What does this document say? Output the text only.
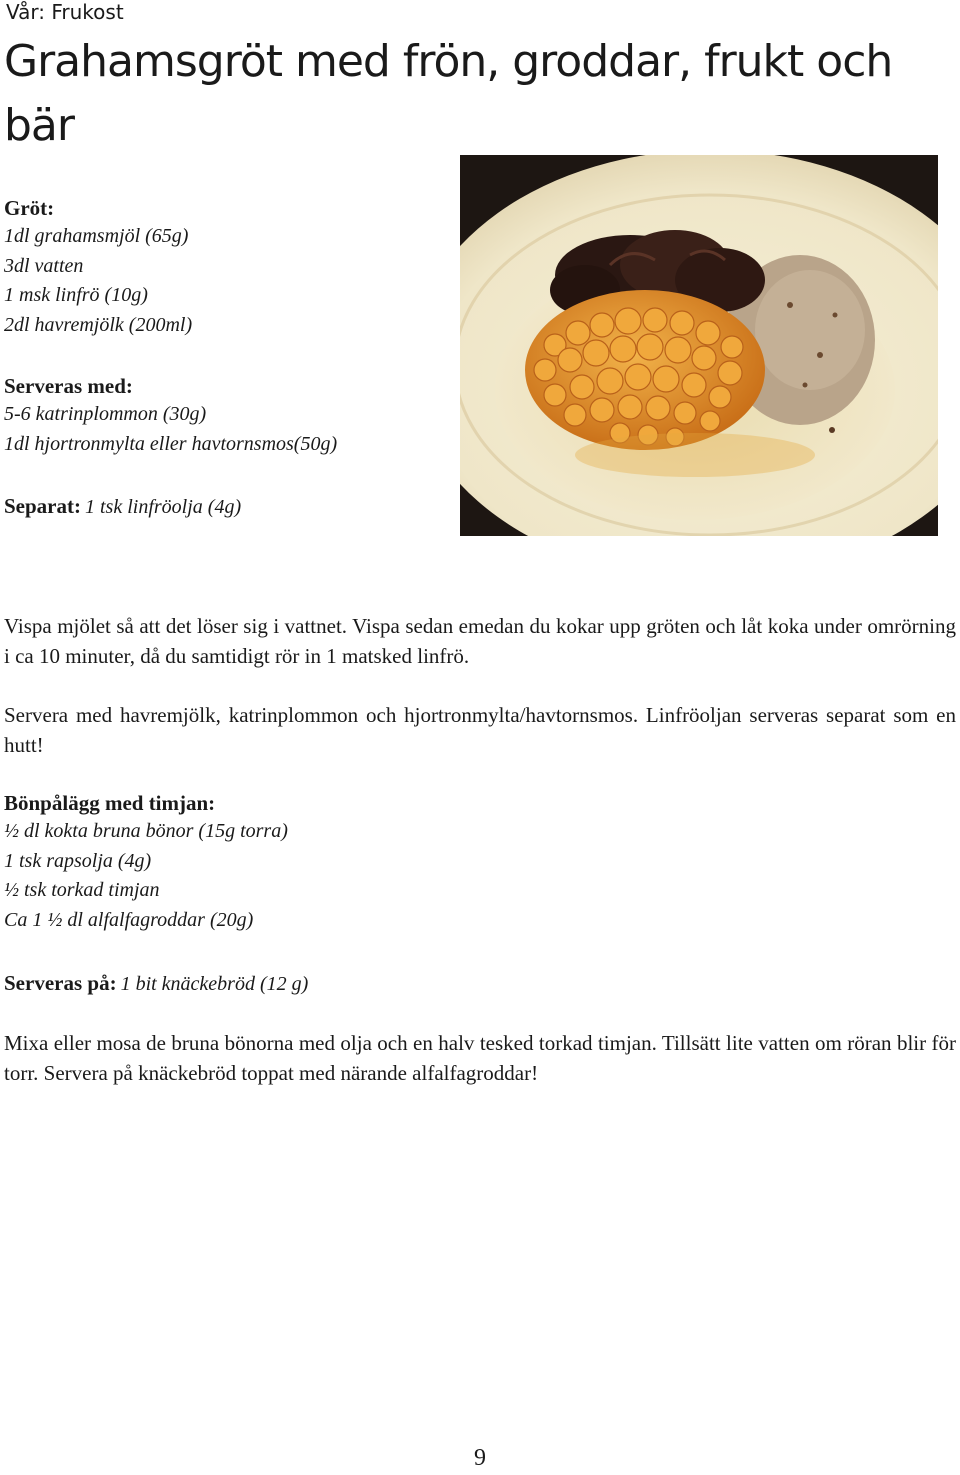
Vår: Frukost
Grahamsgröt med frön, groddar, frukt och bär
Gröt:
1dl grahamsmjöl (65g)
3dl vatten
1 msk linfrö (10g)
2dl havremjölk (200ml)
Serveras med:
5-6 katrinplommon (30g)
1dl hjortronmylta eller havtornsmos(50g)
Separat: 1 tsk linfröolja (4g)

Vispa mjölet så att det löser sig i vattnet. Vispa sedan emedan du kokar upp gröten och låt koka under omrörning i ca 10 minuter, då du samtidigt rör in 1 matsked linfrö.

Servera med havremjölk, katrinplommon och hjortronmylta/havtornsmos. Linfröoljan serveras separat som en hutt!

Bönpålägg med timjan:
½ dl kokta bruna bönor (15g torra)
1 tsk rapsolja (4g)
½ tsk torkad timjan
Ca 1 ½ dl alfalfagroddar (20g)
Serveras på: 1 bit knäckebröd (12 g)

Mixa eller mosa de bruna bönorna med olja och en halv tesked torkad timjan. Tillsätt lite vatten om röran blir för torr. Servera på knäckebröd toppat med närande alfalfagroddar!

9
